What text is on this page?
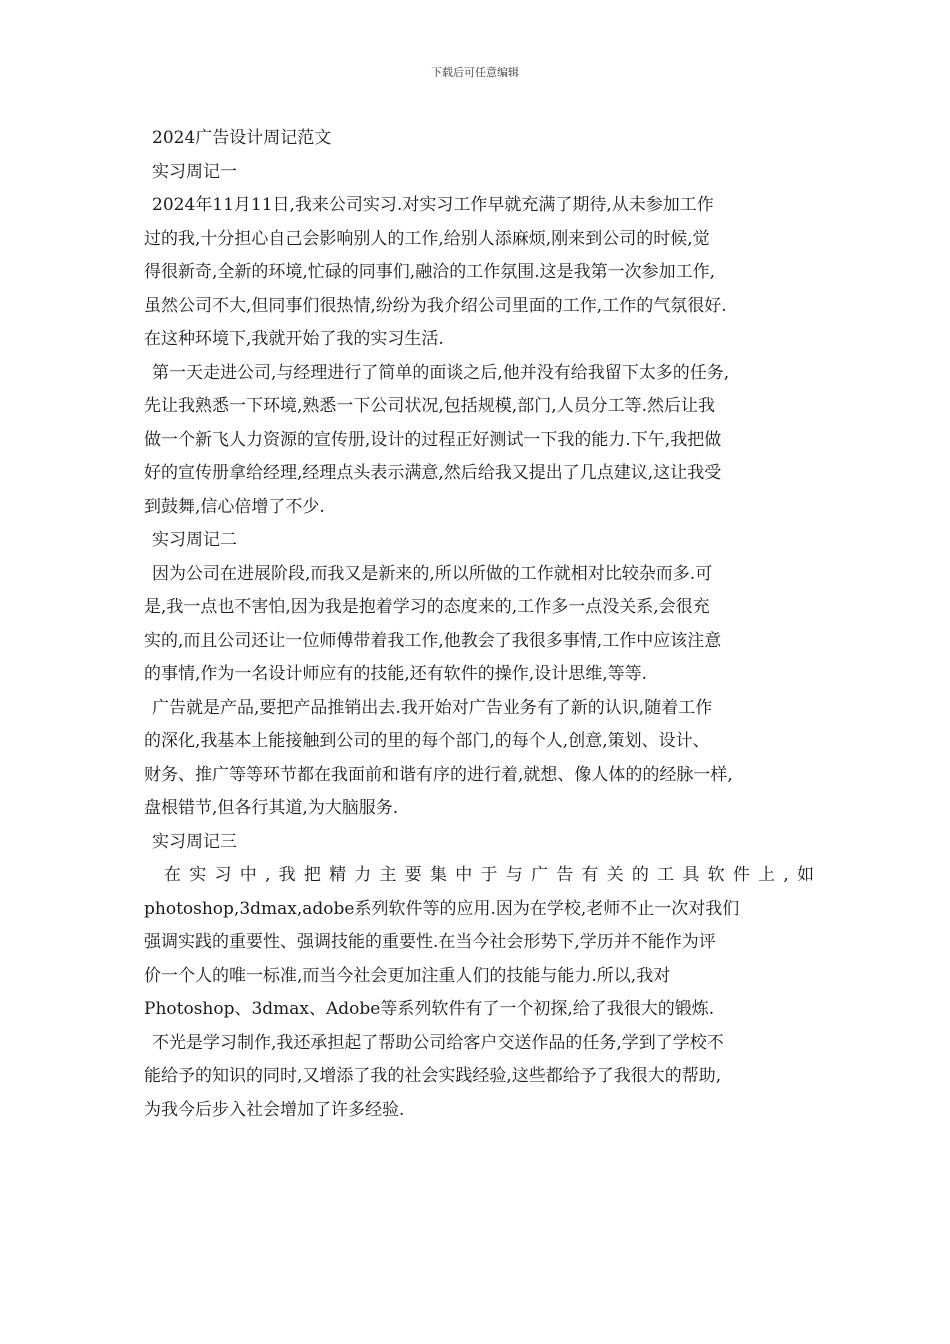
下载后可任意编辑
2024广告设计周记范文
实习周记一
2024年11月11日,我来公司实习.对实习工作早就充满了期待,从未参加工作
过的我,十分担心自己会影响别人的工作,给别人添麻烦,刚来到公司的时候,觉
得很新奇,全新的环境,忙碌的同事们,融洽的工作氛围.这是我第一次参加工作,
虽然公司不大,但同事们很热情,纷纷为我介绍公司里面的工作,工作的气氛很好.
在这种环境下,我就开始了我的实习生活.
第一天走进公司,与经理进行了简单的面谈之后,他并没有给我留下太多的任务,
先让我熟悉一下环境,熟悉一下公司状况,包括规模,部门,人员分工等.然后让我
做一个新飞人力资源的宣传册,设计的过程正好测试一下我的能力.下午,我把做
好的宣传册拿给经理,经理点头表示满意,然后给我又提出了几点建议,这让我受
到鼓舞,信心倍增了不少.
实习周记二
因为公司在进展阶段,而我又是新来的,所以所做的工作就相对比较杂而多.可
是,我一点也不害怕,因为我是抱着学习的态度来的,工作多一点没关系,会很充
实的,而且公司还让一位师傅带着我工作,他教会了我很多事情,工作中应该注意
的事情,作为一名设计师应有的技能,还有软件的操作,设计思维,等等.
广告就是产品,要把产品推销出去.我开始对广告业务有了新的认识,随着工作
的深化,我基本上能接触到公司的里的每个部门,的每个人,创意,策划、设计、
财务、推广等等环节都在我面前和谐有序的进行着,就想、像人体的的经脉一样,
盘根错节,但各行其道,为大脑服务.
实习周记三
在实习中,我把精力主要集中于与广告有关的工具软件上,如
photoshop,3dmax,adobe系列软件等的应用.因为在学校,老师不止一次对我们
强调实践的重要性、强调技能的重要性.在当今社会形势下,学历并不能作为评
价一个人的唯一标准,而当今社会更加注重人们的技能与能力.所以,我对
Photoshop、3dmax、Adobe等系列软件有了一个初探,给了我很大的锻炼.
不光是学习制作,我还承担起了帮助公司给客户交送作品的任务,学到了学校不
能给予的知识的同时,又增添了我的社会实践经验,这些都给予了我很大的帮助,
为我今后步入社会增加了许多经验.
